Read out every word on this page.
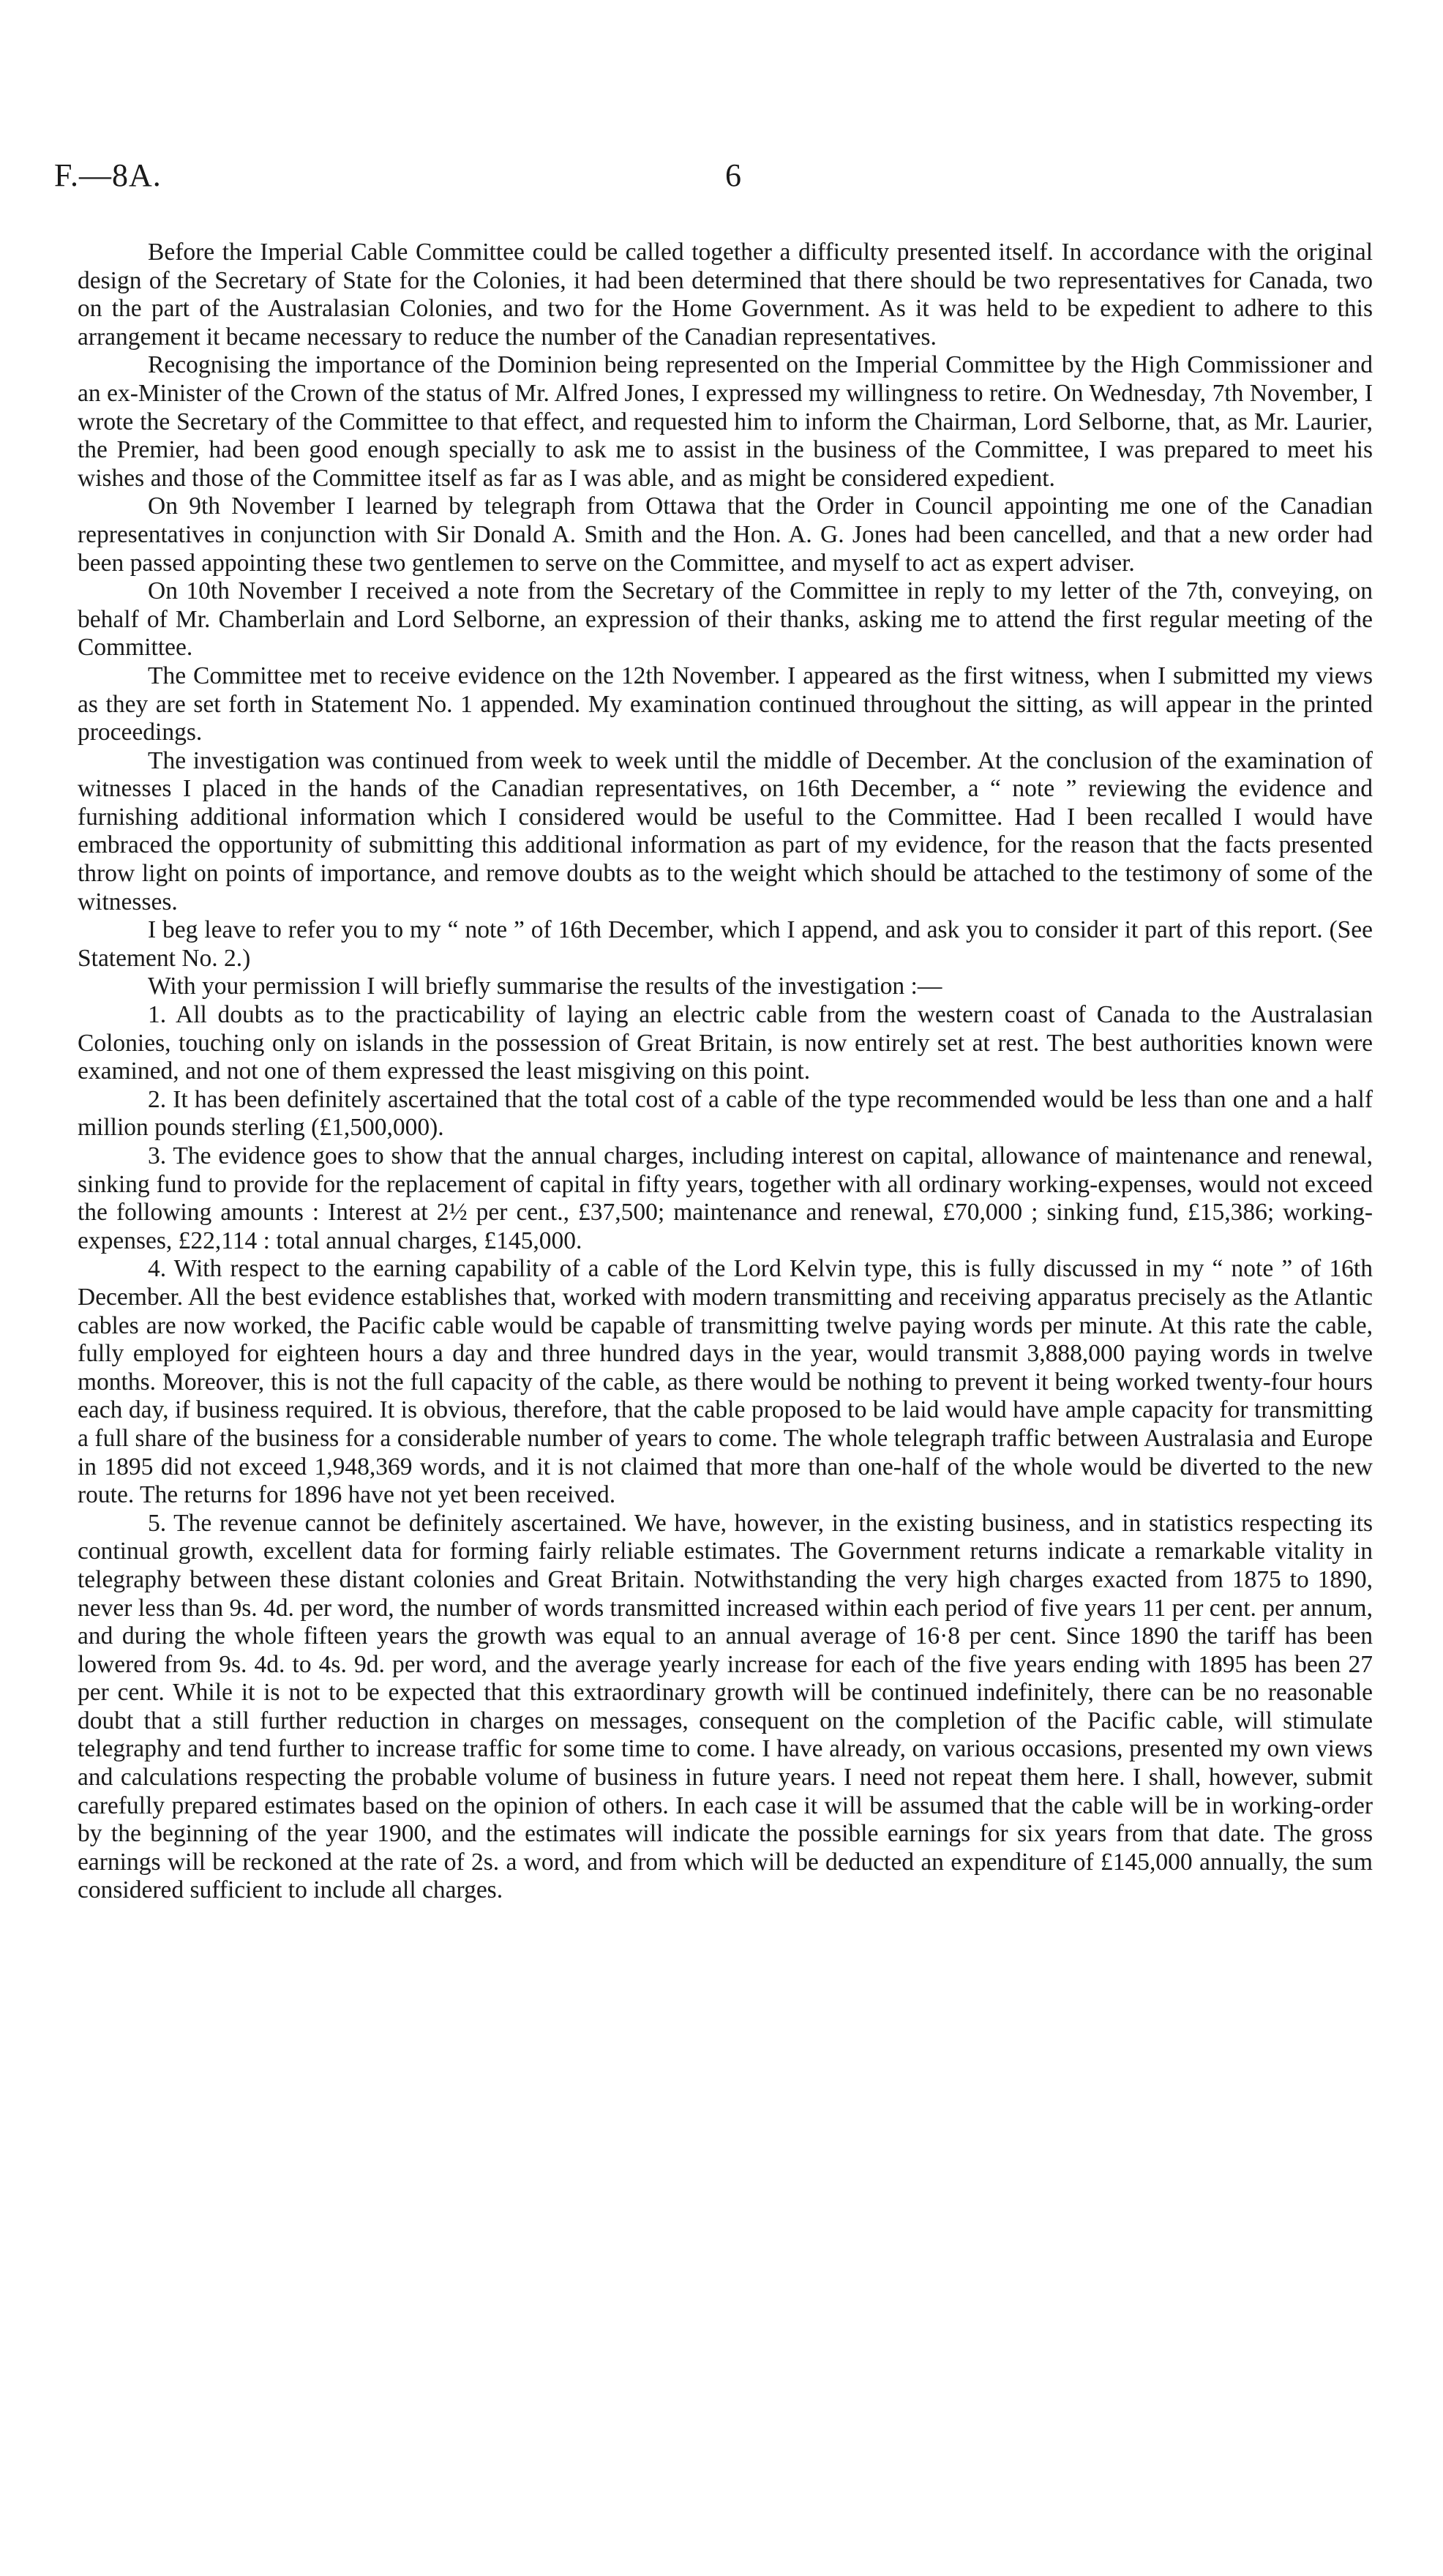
F.—8A.	6

Before the Imperial Cable Committee could be called together a difficulty presented itself. In accordance with the original design of the Secretary of State for the Colonies, it had been determined that there should be two representatives for Canada, two on the part of the Australasian Colonies, and two for the Home Government. As it was held to be expedient to adhere to this arrangement it became necessary to reduce the number of the Canadian representatives.

Recognising the importance of the Dominion being represented on the Imperial Committee by the High Commissioner and an ex-Minister of the Crown of the status of Mr. Alfred Jones, I expressed my willingness to retire. On Wednesday, 7th November, I wrote the Secretary of the Committee to that effect, and requested him to inform the Chairman, Lord Selborne, that, as Mr. Laurier, the Premier, had been good enough specially to ask me to assist in the business of the Committee, I was prepared to meet his wishes and those of the Committee itself as far as I was able, and as might be considered expedient.

On 9th November I learned by telegraph from Ottawa that the Order in Council appointing me one of the Canadian representatives in conjunction with Sir Donald A. Smith and the Hon. A. G. Jones had been cancelled, and that a new order had been passed appointing these two gentlemen to serve on the Committee, and myself to act as expert adviser.

On 10th November I received a note from the Secretary of the Committee in reply to my letter of the 7th, conveying, on behalf of Mr. Chamberlain and Lord Selborne, an expression of their thanks, asking me to attend the first regular meeting of the Committee.

The Committee met to receive evidence on the 12th November. I appeared as the first witness, when I submitted my views as they are set forth in Statement No. 1 appended. My examination continued throughout the sitting, as will appear in the printed proceedings.

The investigation was continued from week to week until the middle of December. At the conclusion of the examination of witnesses I placed in the hands of the Canadian representatives, on 16th December, a “ note ” reviewing the evidence and furnishing additional information which I considered would be useful to the Committee. Had I been recalled I would have embraced the opportunity of submitting this additional information as part of my evidence, for the reason that the facts presented throw light on points of importance, and remove doubts as to the weight which should be attached to the testimony of some of the witnesses.

I beg leave to refer you to my “ note ” of 16th December, which I append, and ask you to consider it part of this report. (See Statement No. 2.)

With your permission I will briefly summarise the results of the investigation :—

1. All doubts as to the practicability of laying an electric cable from the western coast of Canada to the Australasian Colonies, touching only on islands in the possession of Great Britain, is now entirely set at rest. The best authorities known were examined, and not one of them expressed the least misgiving on this point.

2. It has been definitely ascertained that the total cost of a cable of the type recommended would be less than one and a half million pounds sterling (£1,500,000).

3. The evidence goes to show that the annual charges, including interest on capital, allowance of maintenance and renewal, sinking fund to provide for the replacement of capital in fifty years, together with all ordinary working-expenses, would not exceed the following amounts : Interest at 2½ per cent., £37,500; maintenance and renewal, £70,000 ; sinking fund, £15,386; working-expenses, £22,114 : total annual charges, £145,000.

4. With respect to the earning capability of a cable of the Lord Kelvin type, this is fully discussed in my “ note ” of 16th December. All the best evidence establishes that, worked with modern transmitting and receiving apparatus precisely as the Atlantic cables are now worked, the Pacific cable would be capable of transmitting twelve paying words per minute. At this rate the cable, fully employed for eighteen hours a day and three hundred days in the year, would transmit 3,888,000 paying words in twelve months. Moreover, this is not the full capacity of the cable, as there would be nothing to prevent it being worked twenty-four hours each day, if business required. It is obvious, therefore, that the cable proposed to be laid would have ample capacity for transmitting a full share of the business for a considerable number of years to come. The whole telegraph traffic between Australasia and Europe in 1895 did not exceed 1,948,369 words, and it is not claimed that more than one-half of the whole would be diverted to the new route. The returns for 1896 have not yet been received.

5. The revenue cannot be definitely ascertained. We have, however, in the existing business, and in statistics respecting its continual growth, excellent data for forming fairly reliable estimates. The Government returns indicate a remarkable vitality in telegraphy between these distant colonies and Great Britain. Notwithstanding the very high charges exacted from 1875 to 1890, never less than 9s. 4d. per word, the number of words transmitted increased within each period of five years 11 per cent. per annum, and during the whole fifteen years the growth was equal to an annual average of 16·8 per cent. Since 1890 the tariff has been lowered from 9s. 4d. to 4s. 9d. per word, and the average yearly increase for each of the five years ending with 1895 has been 27 per cent. While it is not to be expected that this extraordinary growth will be continued indefinitely, there can be no reasonable doubt that a still further reduction in charges on messages, consequent on the completion of the Pacific cable, will stimulate telegraphy and tend further to increase traffic for some time to come. I have already, on various occasions, presented my own views and calculations respecting the probable volume of business in future years. I need not repeat them here. I shall, however, submit carefully prepared estimates based on the opinion of others. In each case it will be assumed that the cable will be in working-order by the beginning of the year 1900, and the estimates will indicate the possible earnings for six years from that date. The gross earnings will be reckoned at the rate of 2s. a word, and from which will be deducted an expenditure of £145,000 annually, the sum considered sufficient to include all charges.
